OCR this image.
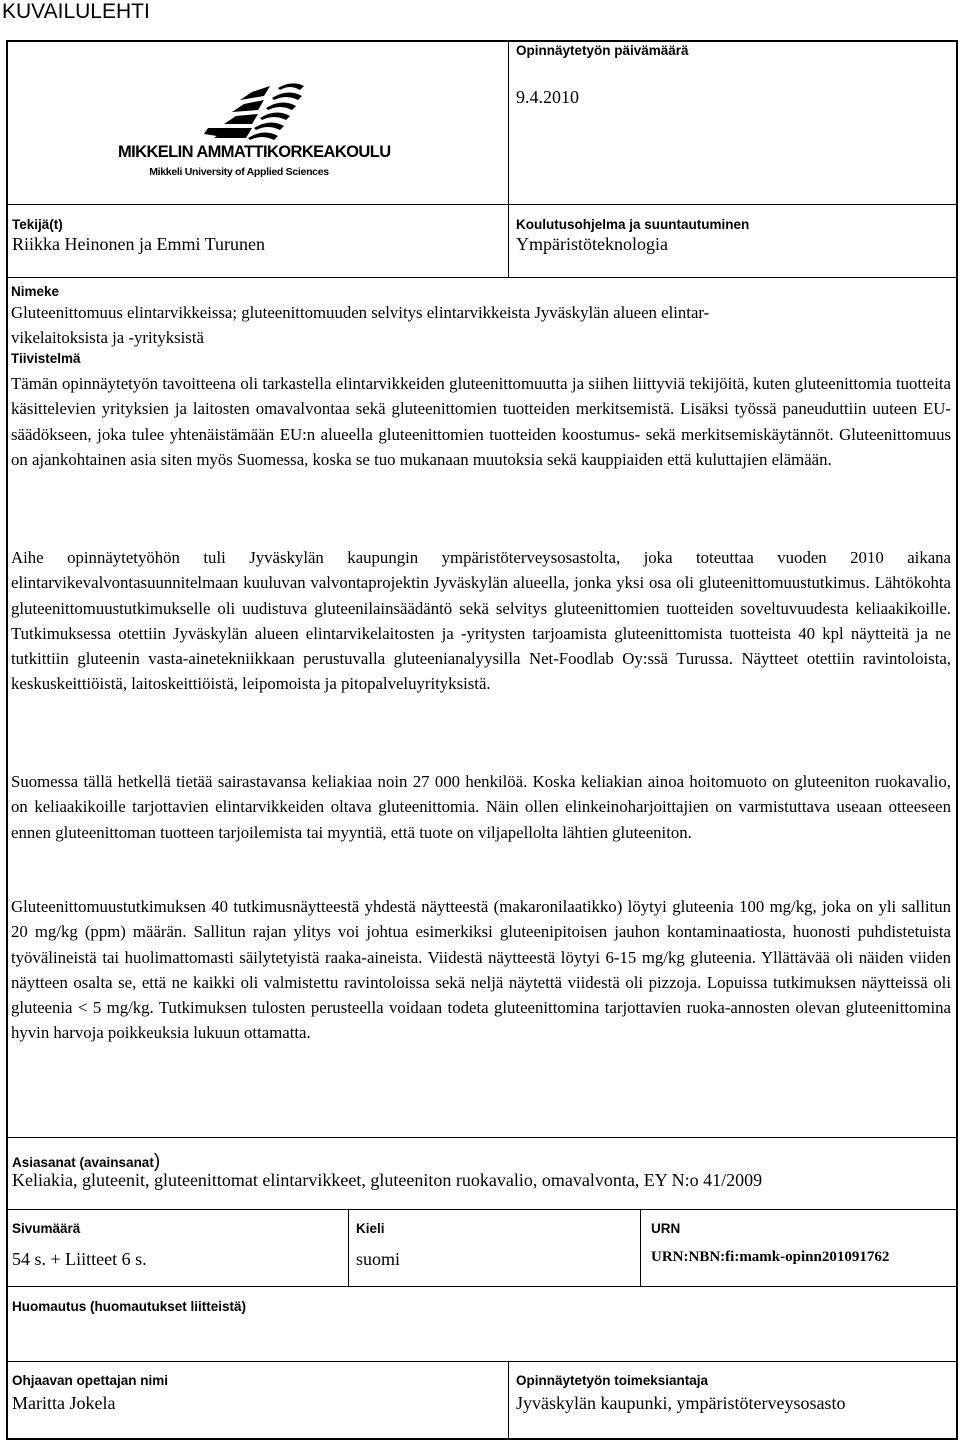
KUVAILULEHTI
MIKKELIN AMMATTIKORKEAKOULU
Mikkeli University of Applied Sciences
Opinnäytetyön päivämäärä
9.4.2010
Tekijä(t)
Riikka Heinonen ja Emmi Turunen
Koulutusohjelma ja suuntautuminen
Ympäristöteknologia
Nimeke
Gluteenittomuus elintarvikkeissa; gluteenittomuuden selvitys elintarvikkeista Jyväskylän alueen elintar-
vikelaitoksista ja -yrityksistä
Tiivistelmä

Tämän opinnäytetyön tavoitteena oli tarkastella elintarvikkeiden gluteenittomuutta ja siihen liittyviä tekijöitä, kuten gluteenittomia tuotteita käsittelevien yrityksien ja laitosten omavalvontaa sekä gluteenittomien tuotteiden merkitsemistä. Lisäksi työssä paneuduttiin uuteen EU-säädökseen, joka tulee yhtenäistämään EU:n alueella gluteenittomien tuotteiden koostumus- sekä merkitsemiskäytännöt. Gluteenittomuus on ajankohtainen asia siten myös Suomessa, koska se tuo mukanaan muutoksia sekä kauppiaiden että kuluttajien elämään.

Aihe opinnäytetyöhön tuli Jyväskylän kaupungin ympäristöterveysosastolta, joka toteuttaa vuoden 2010 aikana elintarvikevalvontasuunnitelmaan kuuluvan valvontaprojektin Jyväskylän alueella, jonka yksi osa oli gluteenittomuustutkimus. Lähtökohta gluteenittomuustutkimukselle oli uudistuva gluteenilainsäädäntö sekä selvitys gluteenittomien tuotteiden soveltuvuudesta keliaakikoille. Tutkimuksessa otettiin Jyväskylän alueen elintarvikelaitosten ja -yritysten tarjoamista gluteenittomista tuotteista 40 kpl näytteitä ja ne tutkittiin gluteenin vasta-ainetekniikkaan perustuvalla gluteenianalyysilla Net-Foodlab Oy:ssä Turussa. Näytteet otettiin ravintoloista, keskuskeittiöistä, laitoskeittiöistä, leipomoista ja pitopalveluyrityksistä.

Suomessa tällä hetkellä tietää sairastavansa keliakiaa noin 27 000 henkilöä. Koska keliakian ainoa hoitomuoto on gluteeniton ruokavalio, on keliaakikoille tarjottavien elintarvikkeiden oltava gluteenittomia. Näin ollen elinkeinoharjoittajien on varmistuttava useaan otteeseen ennen gluteenittoman tuotteen tarjoilemista tai myyntiä, että tuote on viljapellolta lähtien gluteeniton.

Gluteenittomuustutkimuksen 40 tutkimusnäytteestä yhdestä näytteestä (makaronilaatikko) löytyi gluteenia 100 mg/kg, joka on yli sallitun 20 mg/kg (ppm) määrän. Sallitun rajan ylitys voi johtua esimerkiksi gluteenipitoisen jauhon kontaminaatiosta, huonosti puhdistetuista työvälineistä tai huolimattomasti säilytetyistä raaka-aineista. Viidestä näytteestä löytyi 6-15 mg/kg gluteenia. Yllättävää oli näiden viiden näytteen osalta se, että ne kaikki oli valmistettu ravintoloissa sekä neljä näytettä viidestä oli pizzoja. Lopuissa tutkimuksen näytteissä oli gluteenia < 5 mg/kg. Tutkimuksen tulosten perusteella voidaan todeta gluteenittomina tarjottavien ruoka-annosten olevan gluteenittomina hyvin harvoja poikkeuksia lukuun ottamatta.

Asiasanat (avainsanat)
Keliakia, gluteenit, gluteenittomat elintarvikkeet, gluteeniton ruokavalio, omavalvonta, EY N:o 41/2009
Sivumäärä
54 s. + Liitteet 6 s.
Kieli
suomi
URN
URN:NBN:fi:mamk-opinn201091762
Huomautus (huomautukset liitteistä)
Ohjaavan opettajan nimi
Maritta Jokela
Opinnäytetyön toimeksiantaja
Jyväskylän kaupunki, ympäristöterveysosasto
